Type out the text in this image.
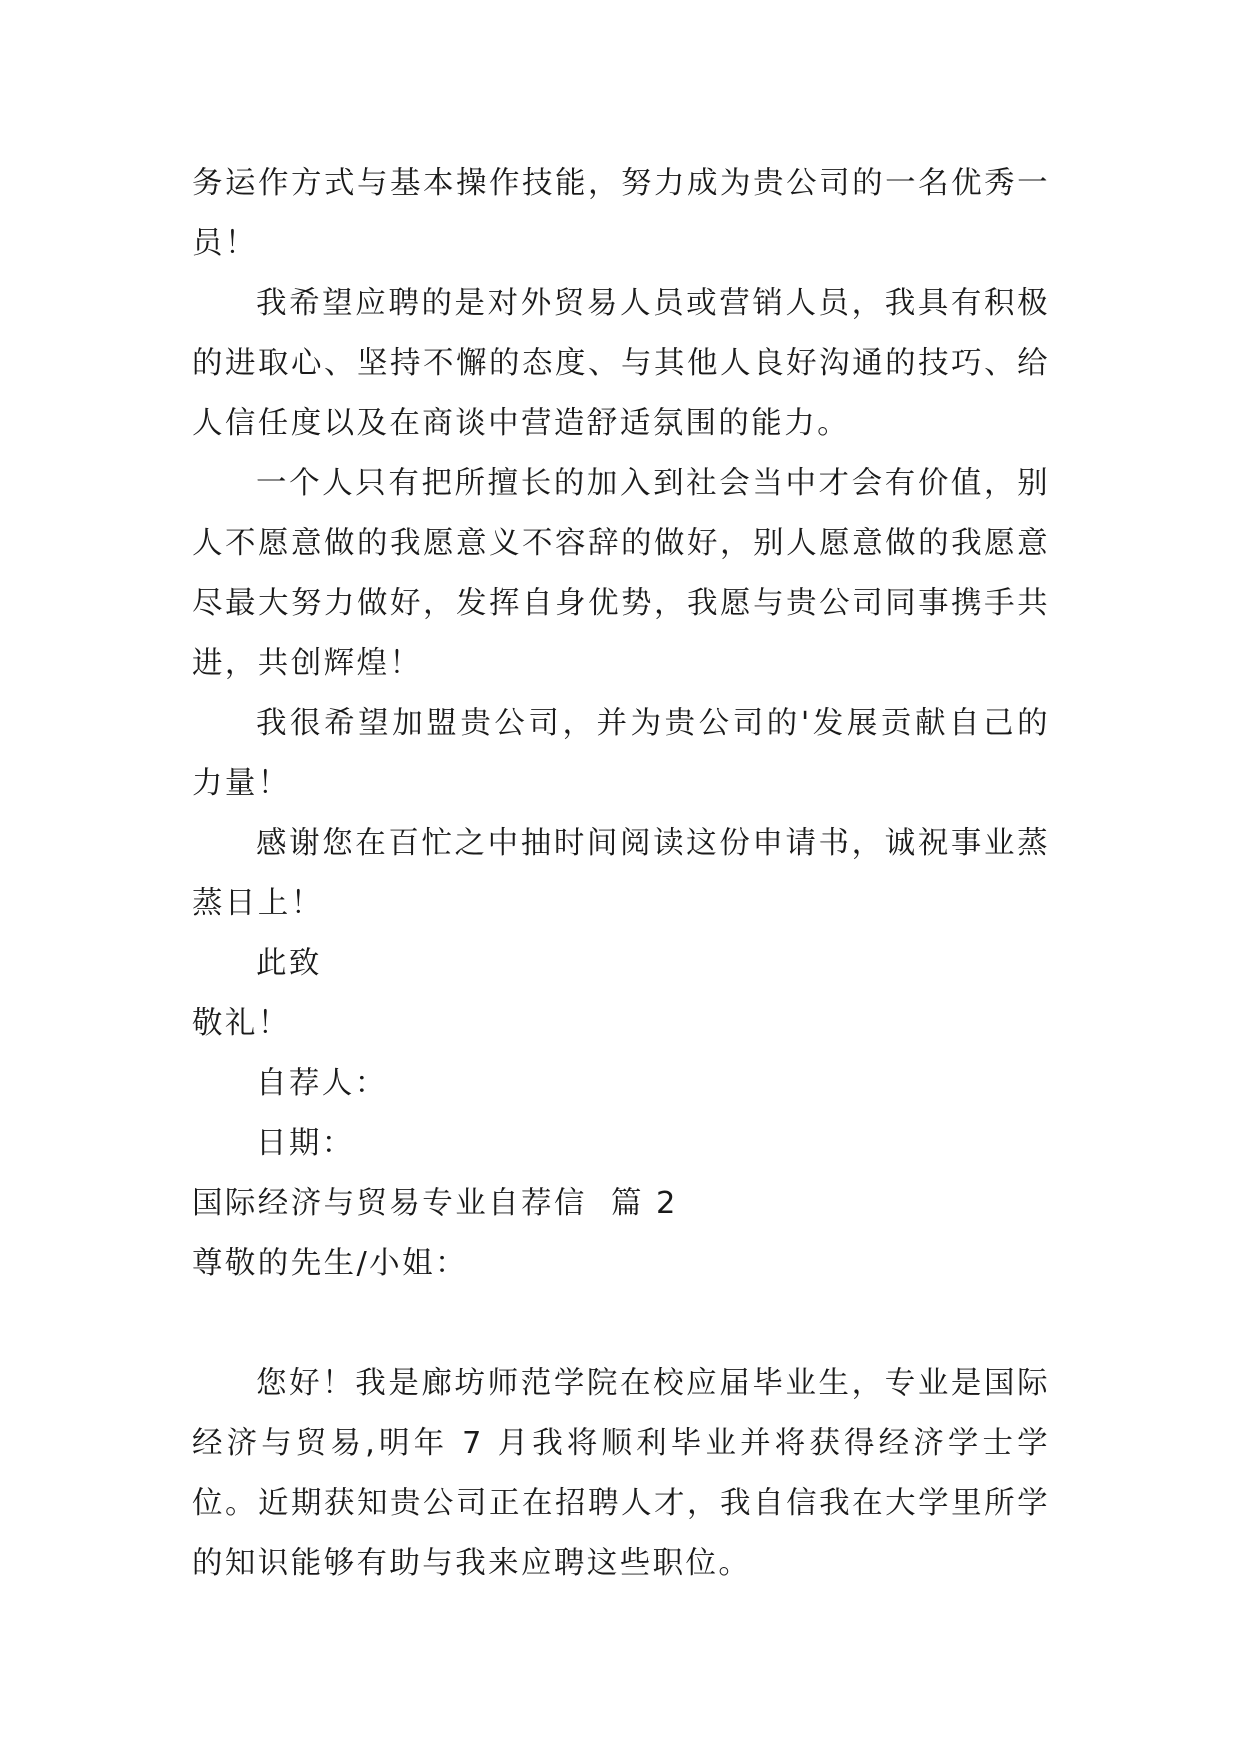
务运作方式与基本操作技能，努力成为贵公司的一名优秀一员！

我希望应聘的是对外贸易人员或营销人员，我具有积极的进取心、坚持不懈的态度、与其他人良好沟通的技巧、给人信任度以及在商谈中营造舒适氛围的能力。

一个人只有把所擅长的加入到社会当中才会有价值，别人不愿意做的我愿意义不容辞的做好，别人愿意做的我愿意尽最大努力做好，发挥自身优势，我愿与贵公司同事携手共进，共创辉煌！

我很希望加盟贵公司，并为贵公司的'发展贡献自己的力量！

感谢您在百忙之中抽时间阅读这份申请书，诚祝事业蒸蒸日上！

此致

敬礼！

自荐人：

日期：

国际经济与贸易专业自荐信  篇 2

尊敬的先生/小姐：

您好！我是廊坊师范学院在校应届毕业生，专业是国际经济与贸易,明年 7 月我将顺利毕业并将获得经济学士学位。近期获知贵公司正在招聘人才，我自信我在大学里所学的知识能够有助与我来应聘这些职位。
